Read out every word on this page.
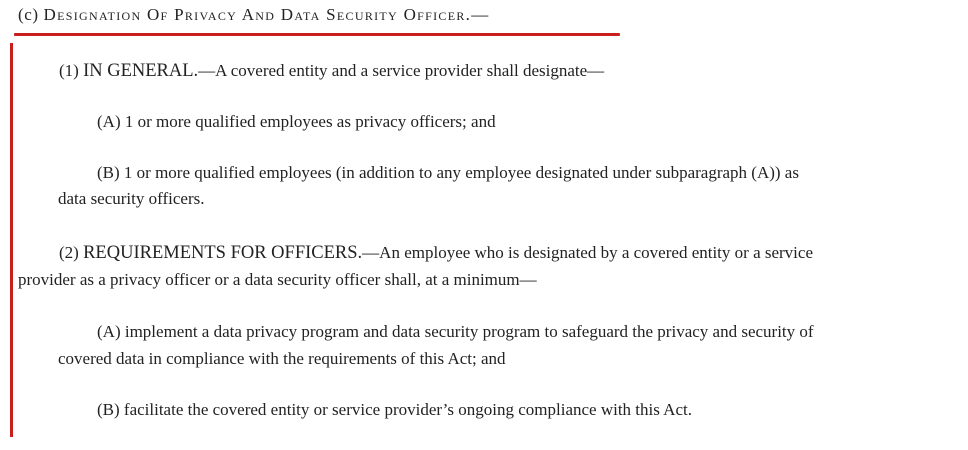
(c) Designation Of Privacy And Data Security Officer.—
(1) IN GENERAL.—A covered entity and a service provider shall designate—
(A) 1 or more qualified employees as privacy officers; and
(B) 1 or more qualified employees (in addition to any employee designated under subparagraph (A)) as
data security officers.
(2) REQUIREMENTS FOR OFFICERS.—An employee who is designated by a covered entity or a service
provider as a privacy officer or a data security officer shall, at a minimum—
(A) implement a data privacy program and data security program to safeguard the privacy and security of
covered data in compliance with the requirements of this Act; and
(B) facilitate the covered entity or service provider’s ongoing compliance with this Act.
